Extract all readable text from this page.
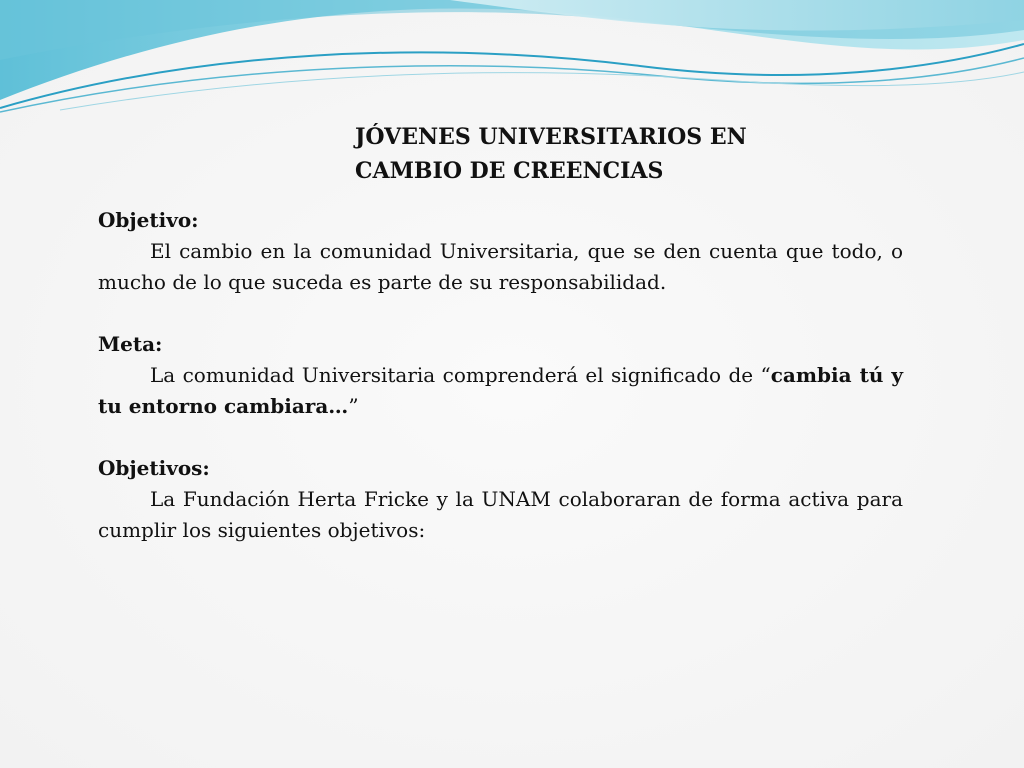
JÓVENES UNIVERSITARIOS EN
CAMBIO DE CREENCIAS
Objetivo:
El cambio en la comunidad Universitaria, que se den cuenta que todo, o mucho de lo que suceda es parte de su responsabilidad.
Meta:
La comunidad Universitaria comprenderá el significado de “cambia tú y tu entorno cambiara…”
Objetivos:
La Fundación Herta Fricke y la UNAM colaboraran de forma activa para cumplir los siguientes objetivos:
